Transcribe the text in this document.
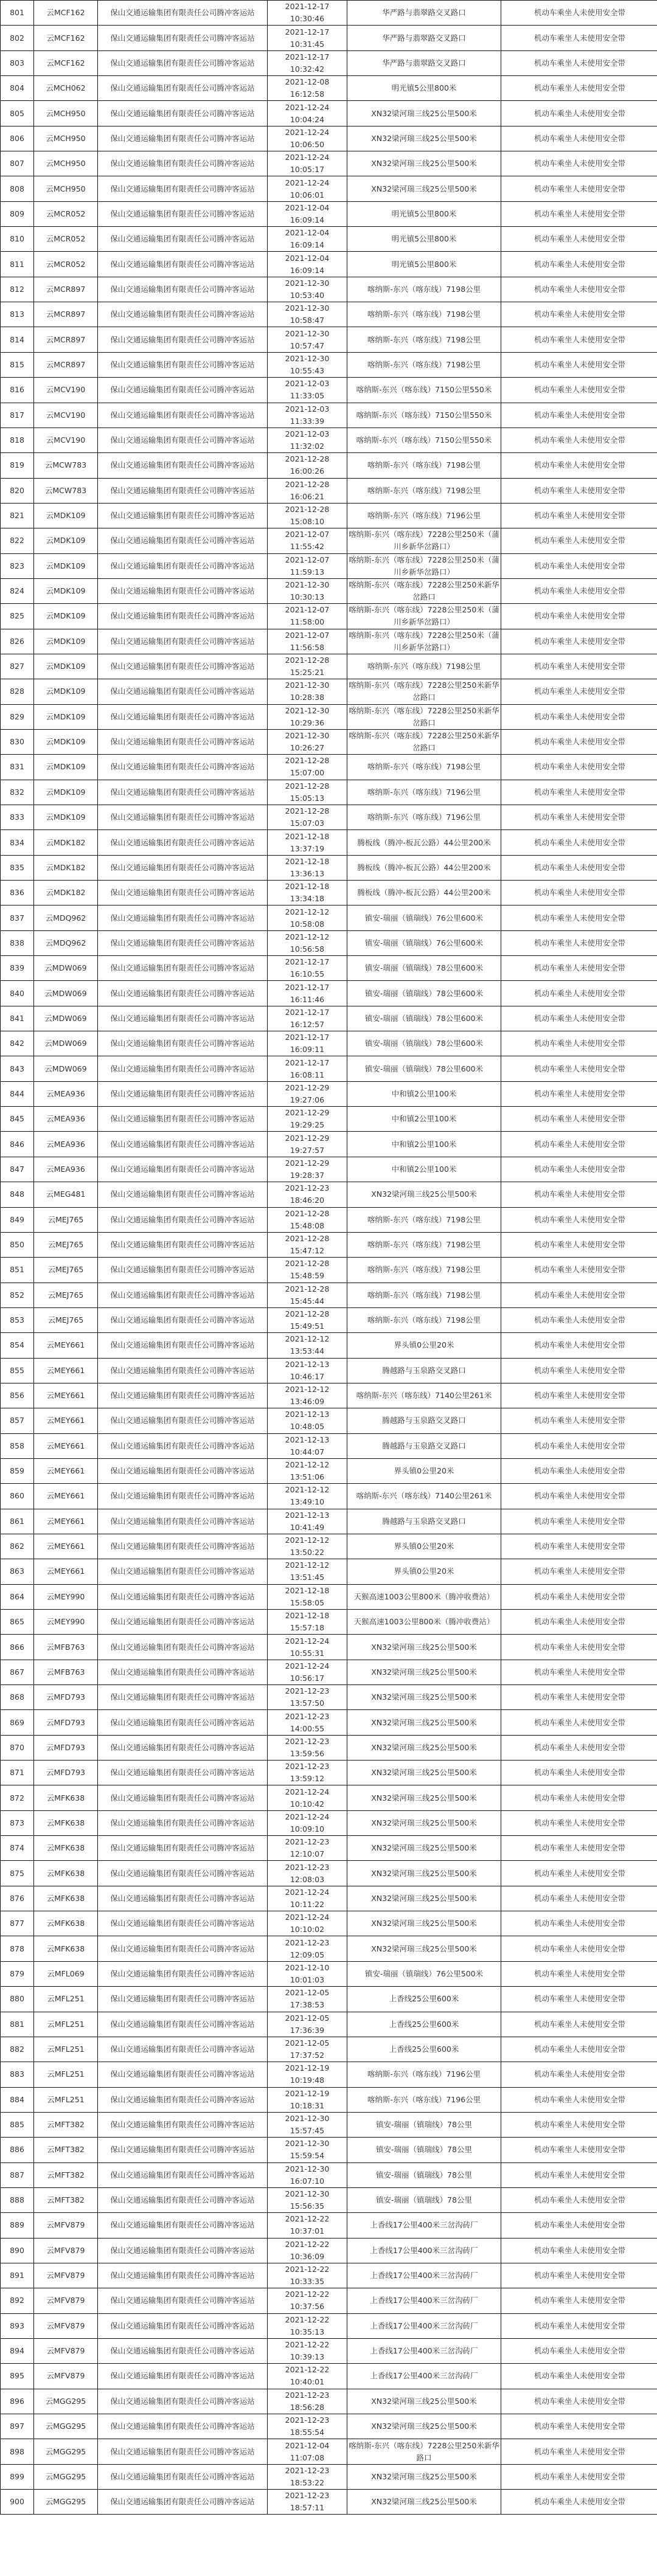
801	云MCF162	保山交通运输集团有限责任公司腾冲客运站	2021-12-17 10:30:46	华严路与翡翠路交叉路口	机动车乘坐人未使用安全带
802	云MCF162	保山交通运输集团有限责任公司腾冲客运站	2021-12-17 10:31:45	华严路与翡翠路交叉路口	机动车乘坐人未使用安全带
803	云MCF162	保山交通运输集团有限责任公司腾冲客运站	2021-12-17 10:32:42	华严路与翡翠路交叉路口	机动车乘坐人未使用安全带
804	云MCH062	保山交通运输集团有限责任公司腾冲客运站	2021-12-08 16:12:58	明光镇5公里800米	机动车乘坐人未使用安全带
805	云MCH950	保山交通运输集团有限责任公司腾冲客运站	2021-12-24 10:04:24	XN32梁河瑞三线25公里500米	机动车乘坐人未使用安全带
806	云MCH950	保山交通运输集团有限责任公司腾冲客运站	2021-12-24 10:06:50	XN32梁河瑞三线25公里500米	机动车乘坐人未使用安全带
807	云MCH950	保山交通运输集团有限责任公司腾冲客运站	2021-12-24 10:05:17	XN32梁河瑞三线25公里500米	机动车乘坐人未使用安全带
808	云MCH950	保山交通运输集团有限责任公司腾冲客运站	2021-12-24 10:06:01	XN32梁河瑞三线25公里500米	机动车乘坐人未使用安全带
809	云MCR052	保山交通运输集团有限责任公司腾冲客运站	2021-12-04 16:09:14	明光镇5公里800米	机动车乘坐人未使用安全带
810	云MCR052	保山交通运输集团有限责任公司腾冲客运站	2021-12-04 16:09:14	明光镇5公里800米	机动车乘坐人未使用安全带
811	云MCR052	保山交通运输集团有限责任公司腾冲客运站	2021-12-04 16:09:14	明光镇5公里800米	机动车乘坐人未使用安全带
812	云MCR897	保山交通运输集团有限责任公司腾冲客运站	2021-12-30 10:53:40	喀纳斯-东兴（喀东线）7198公里	机动车乘坐人未使用安全带
813	云MCR897	保山交通运输集团有限责任公司腾冲客运站	2021-12-30 10:58:47	喀纳斯-东兴（喀东线）7198公里	机动车乘坐人未使用安全带
814	云MCR897	保山交通运输集团有限责任公司腾冲客运站	2021-12-30 10:57:47	喀纳斯-东兴（喀东线）7198公里	机动车乘坐人未使用安全带
815	云MCR897	保山交通运输集团有限责任公司腾冲客运站	2021-12-30 10:55:43	喀纳斯-东兴（喀东线）7198公里	机动车乘坐人未使用安全带
816	云MCV190	保山交通运输集团有限责任公司腾冲客运站	2021-12-03 11:33:05	喀纳斯-东兴（喀东线）7150公里550米	机动车乘坐人未使用安全带
817	云MCV190	保山交通运输集团有限责任公司腾冲客运站	2021-12-03 11:33:39	喀纳斯-东兴（喀东线）7150公里550米	机动车乘坐人未使用安全带
818	云MCV190	保山交通运输集团有限责任公司腾冲客运站	2021-12-03 11:32:02	喀纳斯-东兴（喀东线）7150公里550米	机动车乘坐人未使用安全带
819	云MCW783	保山交通运输集团有限责任公司腾冲客运站	2021-12-28 16:00:26	喀纳斯-东兴（喀东线）7198公里	机动车乘坐人未使用安全带
820	云MCW783	保山交通运输集团有限责任公司腾冲客运站	2021-12-28 16:06:21	喀纳斯-东兴（喀东线）7198公里	机动车乘坐人未使用安全带
821	云MDK109	保山交通运输集团有限责任公司腾冲客运站	2021-12-28 15:08:10	喀纳斯-东兴（喀东线）7196公里	机动车乘坐人未使用安全带
822	云MDK109	保山交通运输集团有限责任公司腾冲客运站	2021-12-07 11:55:42	喀纳斯-东兴（喀东线）7228公里250米（蒲川乡新华岔路口）	机动车乘坐人未使用安全带
823	云MDK109	保山交通运输集团有限责任公司腾冲客运站	2021-12-07 11:59:13	喀纳斯-东兴（喀东线）7228公里250米（蒲川乡新华岔路口）	机动车乘坐人未使用安全带
824	云MDK109	保山交通运输集团有限责任公司腾冲客运站	2021-12-30 10:30:13	喀纳斯-东兴（喀东线）7228公里250米新华岔路口	机动车乘坐人未使用安全带
825	云MDK109	保山交通运输集团有限责任公司腾冲客运站	2021-12-07 11:58:00	喀纳斯-东兴（喀东线）7228公里250米（蒲川乡新华岔路口）	机动车乘坐人未使用安全带
826	云MDK109	保山交通运输集团有限责任公司腾冲客运站	2021-12-07 11:56:58	喀纳斯-东兴（喀东线）7228公里250米（蒲川乡新华岔路口）	机动车乘坐人未使用安全带
827	云MDK109	保山交通运输集团有限责任公司腾冲客运站	2021-12-28 15:25:21	喀纳斯-东兴（喀东线）7198公里	机动车乘坐人未使用安全带
828	云MDK109	保山交通运输集团有限责任公司腾冲客运站	2021-12-30 10:28:38	喀纳斯-东兴（喀东线）7228公里250米新华岔路口	机动车乘坐人未使用安全带
829	云MDK109	保山交通运输集团有限责任公司腾冲客运站	2021-12-30 10:29:36	喀纳斯-东兴（喀东线）7228公里250米新华岔路口	机动车乘坐人未使用安全带
830	云MDK109	保山交通运输集团有限责任公司腾冲客运站	2021-12-30 10:26:27	喀纳斯-东兴（喀东线）7228公里250米新华岔路口	机动车乘坐人未使用安全带
831	云MDK109	保山交通运输集团有限责任公司腾冲客运站	2021-12-28 15:07:00	喀纳斯-东兴（喀东线）7198公里	机动车乘坐人未使用安全带
832	云MDK109	保山交通运输集团有限责任公司腾冲客运站	2021-12-28 15:05:13	喀纳斯-东兴（喀东线）7196公里	机动车乘坐人未使用安全带
833	云MDK109	保山交通运输集团有限责任公司腾冲客运站	2021-12-28 15:07:03	喀纳斯-东兴（喀东线）7196公里	机动车乘坐人未使用安全带
834	云MDK182	保山交通运输集团有限责任公司腾冲客运站	2021-12-18 13:37:19	腾板线（腾冲-板瓦公路）44公里200米	机动车乘坐人未使用安全带
835	云MDK182	保山交通运输集团有限责任公司腾冲客运站	2021-12-18 13:36:13	腾板线（腾冲-板瓦公路）44公里200米	机动车乘坐人未使用安全带
836	云MDK182	保山交通运输集团有限责任公司腾冲客运站	2021-12-18 13:34:18	腾板线（腾冲-板瓦公路）44公里200米	机动车乘坐人未使用安全带
837	云MDQ962	保山交通运输集团有限责任公司腾冲客运站	2021-12-12 10:58:08	镇安-瑞丽（镇瑞线）76公里600米	机动车乘坐人未使用安全带
838	云MDQ962	保山交通运输集团有限责任公司腾冲客运站	2021-12-12 10:56:58	镇安-瑞丽（镇瑞线）76公里600米	机动车乘坐人未使用安全带
839	云MDW069	保山交通运输集团有限责任公司腾冲客运站	2021-12-17 16:10:55	镇安-瑞丽（镇瑞线）78公里600米	机动车乘坐人未使用安全带
840	云MDW069	保山交通运输集团有限责任公司腾冲客运站	2021-12-17 16:11:46	镇安-瑞丽（镇瑞线）78公里600米	机动车乘坐人未使用安全带
841	云MDW069	保山交通运输集团有限责任公司腾冲客运站	2021-12-17 16:12:57	镇安-瑞丽（镇瑞线）78公里600米	机动车乘坐人未使用安全带
842	云MDW069	保山交通运输集团有限责任公司腾冲客运站	2021-12-17 16:09:11	镇安-瑞丽（镇瑞线）78公里600米	机动车乘坐人未使用安全带
843	云MDW069	保山交通运输集团有限责任公司腾冲客运站	2021-12-17 16:08:11	镇安-瑞丽（镇瑞线）78公里600米	机动车乘坐人未使用安全带
844	云MEA936	保山交通运输集团有限责任公司腾冲客运站	2021-12-29 19:27:06	中和镇2公里100米	机动车乘坐人未使用安全带
845	云MEA936	保山交通运输集团有限责任公司腾冲客运站	2021-12-29 19:29:25	中和镇2公里100米	机动车乘坐人未使用安全带
846	云MEA936	保山交通运输集团有限责任公司腾冲客运站	2021-12-29 19:27:57	中和镇2公里100米	机动车乘坐人未使用安全带
847	云MEA936	保山交通运输集团有限责任公司腾冲客运站	2021-12-29 19:28:37	中和镇2公里100米	机动车乘坐人未使用安全带
848	云MEG481	保山交通运输集团有限责任公司腾冲客运站	2021-12-23 18:46:20	XN32梁河瑞三线25公里500米	机动车乘坐人未使用安全带
849	云MEJ765	保山交通运输集团有限责任公司腾冲客运站	2021-12-28 15:48:08	喀纳斯-东兴（喀东线）7198公里	机动车乘坐人未使用安全带
850	云MEJ765	保山交通运输集团有限责任公司腾冲客运站	2021-12-28 15:47:12	喀纳斯-东兴（喀东线）7198公里	机动车乘坐人未使用安全带
851	云MEJ765	保山交通运输集团有限责任公司腾冲客运站	2021-12-28 15:48:59	喀纳斯-东兴（喀东线）7198公里	机动车乘坐人未使用安全带
852	云MEJ765	保山交通运输集团有限责任公司腾冲客运站	2021-12-28 15:45:44	喀纳斯-东兴（喀东线）7198公里	机动车乘坐人未使用安全带
853	云MEJ765	保山交通运输集团有限责任公司腾冲客运站	2021-12-28 15:49:51	喀纳斯-东兴（喀东线）7198公里	机动车乘坐人未使用安全带
854	云MEY661	保山交通运输集团有限责任公司腾冲客运站	2021-12-12 13:53:44	界头镇0公里20米	机动车乘坐人未使用安全带
855	云MEY661	保山交通运输集团有限责任公司腾冲客运站	2021-12-13 10:46:17	腾越路与玉泉路交叉路口	机动车乘坐人未使用安全带
856	云MEY661	保山交通运输集团有限责任公司腾冲客运站	2021-12-12 13:46:09	喀纳斯-东兴（喀东线）7140公里261米	机动车乘坐人未使用安全带
857	云MEY661	保山交通运输集团有限责任公司腾冲客运站	2021-12-13 10:48:05	腾越路与玉泉路交叉路口	机动车乘坐人未使用安全带
858	云MEY661	保山交通运输集团有限责任公司腾冲客运站	2021-12-13 10:44:07	腾越路与玉泉路交叉路口	机动车乘坐人未使用安全带
859	云MEY661	保山交通运输集团有限责任公司腾冲客运站	2021-12-12 13:51:06	界头镇0公里20米	机动车乘坐人未使用安全带
860	云MEY661	保山交通运输集团有限责任公司腾冲客运站	2021-12-12 13:49:10	喀纳斯-东兴（喀东线）7140公里261米	机动车乘坐人未使用安全带
861	云MEY661	保山交通运输集团有限责任公司腾冲客运站	2021-12-13 10:41:49	腾越路与玉泉路交叉路口	机动车乘坐人未使用安全带
862	云MEY661	保山交通运输集团有限责任公司腾冲客运站	2021-12-12 13:50:22	界头镇0公里20米	机动车乘坐人未使用安全带
863	云MEY661	保山交通运输集团有限责任公司腾冲客运站	2021-12-12 13:51:45	界头镇0公里20米	机动车乘坐人未使用安全带
864	云MEY990	保山交通运输集团有限责任公司腾冲客运站	2021-12-18 15:58:05	天猴高速1003公里800米（腾冲收费站）	机动车乘坐人未使用安全带
865	云MEY990	保山交通运输集团有限责任公司腾冲客运站	2021-12-18 15:57:18	天猴高速1003公里800米（腾冲收费站）	机动车乘坐人未使用安全带
866	云MFB763	保山交通运输集团有限责任公司腾冲客运站	2021-12-24 10:55:31	XN32梁河瑞三线25公里500米	机动车乘坐人未使用安全带
867	云MFB763	保山交通运输集团有限责任公司腾冲客运站	2021-12-24 10:56:17	XN32梁河瑞三线25公里500米	机动车乘坐人未使用安全带
868	云MFD793	保山交通运输集团有限责任公司腾冲客运站	2021-12-23 13:57:50	XN32梁河瑞三线25公里500米	机动车乘坐人未使用安全带
869	云MFD793	保山交通运输集团有限责任公司腾冲客运站	2021-12-23 14:00:55	XN32梁河瑞三线25公里500米	机动车乘坐人未使用安全带
870	云MFD793	保山交通运输集团有限责任公司腾冲客运站	2021-12-23 13:59:56	XN32梁河瑞三线25公里500米	机动车乘坐人未使用安全带
871	云MFD793	保山交通运输集团有限责任公司腾冲客运站	2021-12-23 13:59:12	XN32梁河瑞三线25公里500米	机动车乘坐人未使用安全带
872	云MFK638	保山交通运输集团有限责任公司腾冲客运站	2021-12-24 10:10:42	XN32梁河瑞三线25公里500米	机动车乘坐人未使用安全带
873	云MFK638	保山交通运输集团有限责任公司腾冲客运站	2021-12-24 10:09:10	XN32梁河瑞三线25公里500米	机动车乘坐人未使用安全带
874	云MFK638	保山交通运输集团有限责任公司腾冲客运站	2021-12-23 12:10:07	XN32梁河瑞三线25公里500米	机动车乘坐人未使用安全带
875	云MFK638	保山交通运输集团有限责任公司腾冲客运站	2021-12-23 12:08:03	XN32梁河瑞三线25公里500米	机动车乘坐人未使用安全带
876	云MFK638	保山交通运输集团有限责任公司腾冲客运站	2021-12-24 10:11:22	XN32梁河瑞三线25公里500米	机动车乘坐人未使用安全带
877	云MFK638	保山交通运输集团有限责任公司腾冲客运站	2021-12-24 10:10:02	XN32梁河瑞三线25公里500米	机动车乘坐人未使用安全带
878	云MFK638	保山交通运输集团有限责任公司腾冲客运站	2021-12-23 12:09:05	XN32梁河瑞三线25公里500米	机动车乘坐人未使用安全带
879	云MFL069	保山交通运输集团有限责任公司腾冲客运站	2021-12-10 10:01:03	镇安-瑞丽（镇瑞线）76公里500米	机动车乘坐人未使用安全带
880	云MFL251	保山交通运输集团有限责任公司腾冲客运站	2021-12-05 17:38:53	上香线25公里600米	机动车乘坐人未使用安全带
881	云MFL251	保山交通运输集团有限责任公司腾冲客运站	2021-12-05 17:36:39	上香线25公里600米	机动车乘坐人未使用安全带
882	云MFL251	保山交通运输集团有限责任公司腾冲客运站	2021-12-05 17:37:52	上香线25公里600米	机动车乘坐人未使用安全带
883	云MFL251	保山交通运输集团有限责任公司腾冲客运站	2021-12-19 10:19:48	喀纳斯-东兴（喀东线）7196公里	机动车乘坐人未使用安全带
884	云MFL251	保山交通运输集团有限责任公司腾冲客运站	2021-12-19 10:18:31	喀纳斯-东兴（喀东线）7196公里	机动车乘坐人未使用安全带
885	云MFT382	保山交通运输集团有限责任公司腾冲客运站	2021-12-30 15:57:45	镇安-瑞丽（镇瑞线）78公里	机动车乘坐人未使用安全带
886	云MFT382	保山交通运输集团有限责任公司腾冲客运站	2021-12-30 15:59:54	镇安-瑞丽（镇瑞线）78公里	机动车乘坐人未使用安全带
887	云MFT382	保山交通运输集团有限责任公司腾冲客运站	2021-12-30 16:07:10	镇安-瑞丽（镇瑞线）78公里	机动车乘坐人未使用安全带
888	云MFT382	保山交通运输集团有限责任公司腾冲客运站	2021-12-30 15:56:35	镇安-瑞丽（镇瑞线）78公里	机动车乘坐人未使用安全带
889	云MFV879	保山交通运输集团有限责任公司腾冲客运站	2021-12-22 10:37:01	上香线17公里400米三岔沟砖厂	机动车乘坐人未使用安全带
890	云MFV879	保山交通运输集团有限责任公司腾冲客运站	2021-12-22 10:36:09	上香线17公里400米三岔沟砖厂	机动车乘坐人未使用安全带
891	云MFV879	保山交通运输集团有限责任公司腾冲客运站	2021-12-22 10:33:35	上香线17公里400米三岔沟砖厂	机动车乘坐人未使用安全带
892	云MFV879	保山交通运输集团有限责任公司腾冲客运站	2021-12-22 10:37:56	上香线17公里400米三岔沟砖厂	机动车乘坐人未使用安全带
893	云MFV879	保山交通运输集团有限责任公司腾冲客运站	2021-12-22 10:35:13	上香线17公里400米三岔沟砖厂	机动车乘坐人未使用安全带
894	云MFV879	保山交通运输集团有限责任公司腾冲客运站	2021-12-22 10:39:13	上香线17公里400米三岔沟砖厂	机动车乘坐人未使用安全带
895	云MFV879	保山交通运输集团有限责任公司腾冲客运站	2021-12-22 10:40:01	上香线17公里400米三岔沟砖厂	机动车乘坐人未使用安全带
896	云MGG295	保山交通运输集团有限责任公司腾冲客运站	2021-12-23 18:56:28	XN32梁河瑞三线25公里500米	机动车乘坐人未使用安全带
897	云MGG295	保山交通运输集团有限责任公司腾冲客运站	2021-12-23 18:55:54	XN32梁河瑞三线25公里500米	机动车乘坐人未使用安全带
898	云MGG295	保山交通运输集团有限责任公司腾冲客运站	2021-12-04 11:07:08	喀纳斯-东兴（喀东线）7228公里250米新华路口	机动车乘坐人未使用安全带
899	云MGG295	保山交通运输集团有限责任公司腾冲客运站	2021-12-23 18:53:22	XN32梁河瑞三线25公里500米	机动车乘坐人未使用安全带
900	云MGG295	保山交通运输集团有限责任公司腾冲客运站	2021-12-23 18:57:11	XN32梁河瑞三线25公里500米	机动车乘坐人未使用安全带
